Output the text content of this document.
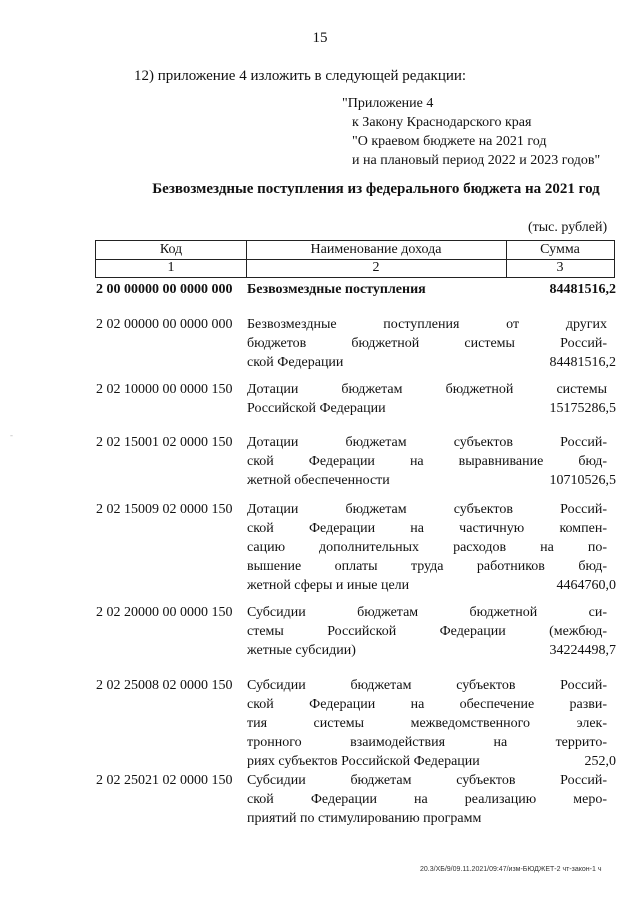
15
12) приложение 4 изложить в следующей редакции:
"Приложение 4
к Закону Краснодарского края
"О краевом бюджете на 2021 год
и на плановый период 2022 и 2023 годов"
Безвозмездные поступления из федерального бюджета на 2021 год
(тыс. рублей)
Код	Наименование дохода	Сумма
1	2	3
2 00 00000 00 0000 000 Безвозмездные поступления	84481516,2
2 02 00000 00 0000 000 Безвозмездные поступления от других
бюджетов бюджетной системы Россий-
ской Федерации	84481516,2
2 02 10000 00 0000 150 Дотации бюджетам бюджетной системы
Российской Федерации	15175286,5
2 02 15001 02 0000 150 Дотации бюджетам субъектов Россий-
ской Федерации на выравнивание бюд-
жетной обеспеченности	10710526,5
2 02 15009 02 0000 150 Дотации бюджетам субъектов Россий-
ской Федерации на частичную компен-
сацию дополнительных расходов на по-
вышение оплаты труда работников бюд-
жетной сферы и иные цели	4464760,0
2 02 20000 00 0000 150 Субсидии бюджетам бюджетной си-
стемы Российской Федерации (межбюд-
жетные субсидии)	34224498,7
2 02 25008 02 0000 150 Субсидии бюджетам субъектов Россий-
ской Федерации на обеспечение разви-
тия системы межведомственного элек-
тронного взаимодействия на террито-
риях субъектов Российской Федерации	252,0
2 02 25021 02 0000 150 Субсидии бюджетам субъектов Россий-
ской Федерации на реализацию меро-
приятий по стимулированию программ
-
20.3/ХБ/9/09.11.2021/09:47/изм-БЮДЖЕТ-2 чт-закон-1 ч
